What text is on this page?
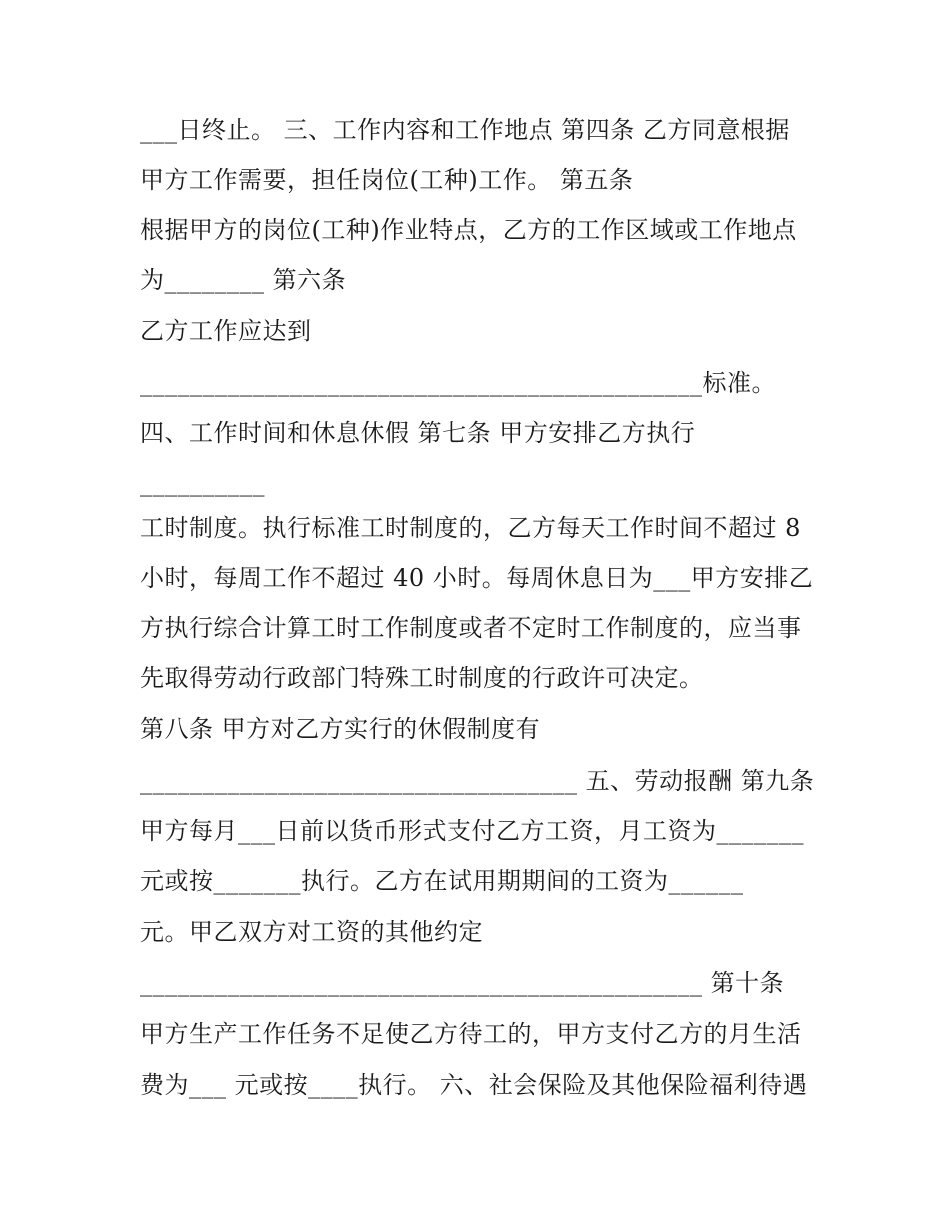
___日终止。 三、工作内容和工作地点 第四条 乙方同意根据
甲方工作需要，担任岗位(工种)工作。 第五条
根据甲方的岗位(工种)作业特点，乙方的工作区域或工作地点
为________ 第六条
乙方工作应达到
_____________________________________________标准。
四、工作时间和休息休假 第七条 甲方安排乙方执行
__________
工时制度。执行标准工时制度的，乙方每天工作时间不超过 8
小时，每周工作不超过 40 小时。每周休息日为___甲方安排乙
方执行综合计算工时工作制度或者不定时工作制度的，应当事
先取得劳动行政部门特殊工时制度的行政许可决定。
第八条 甲方对乙方实行的休假制度有
___________________________________ 五、劳动报酬 第九条
甲方每月___日前以货币形式支付乙方工资，月工资为_______
元或按_______执行。乙方在试用期期间的工资为______
元。甲乙双方对工资的其他约定
_____________________________________________ 第十条
甲方生产工作任务不足使乙方待工的，甲方支付乙方的月生活
费为___ 元或按____执行。 六、社会保险及其他保险福利待遇
